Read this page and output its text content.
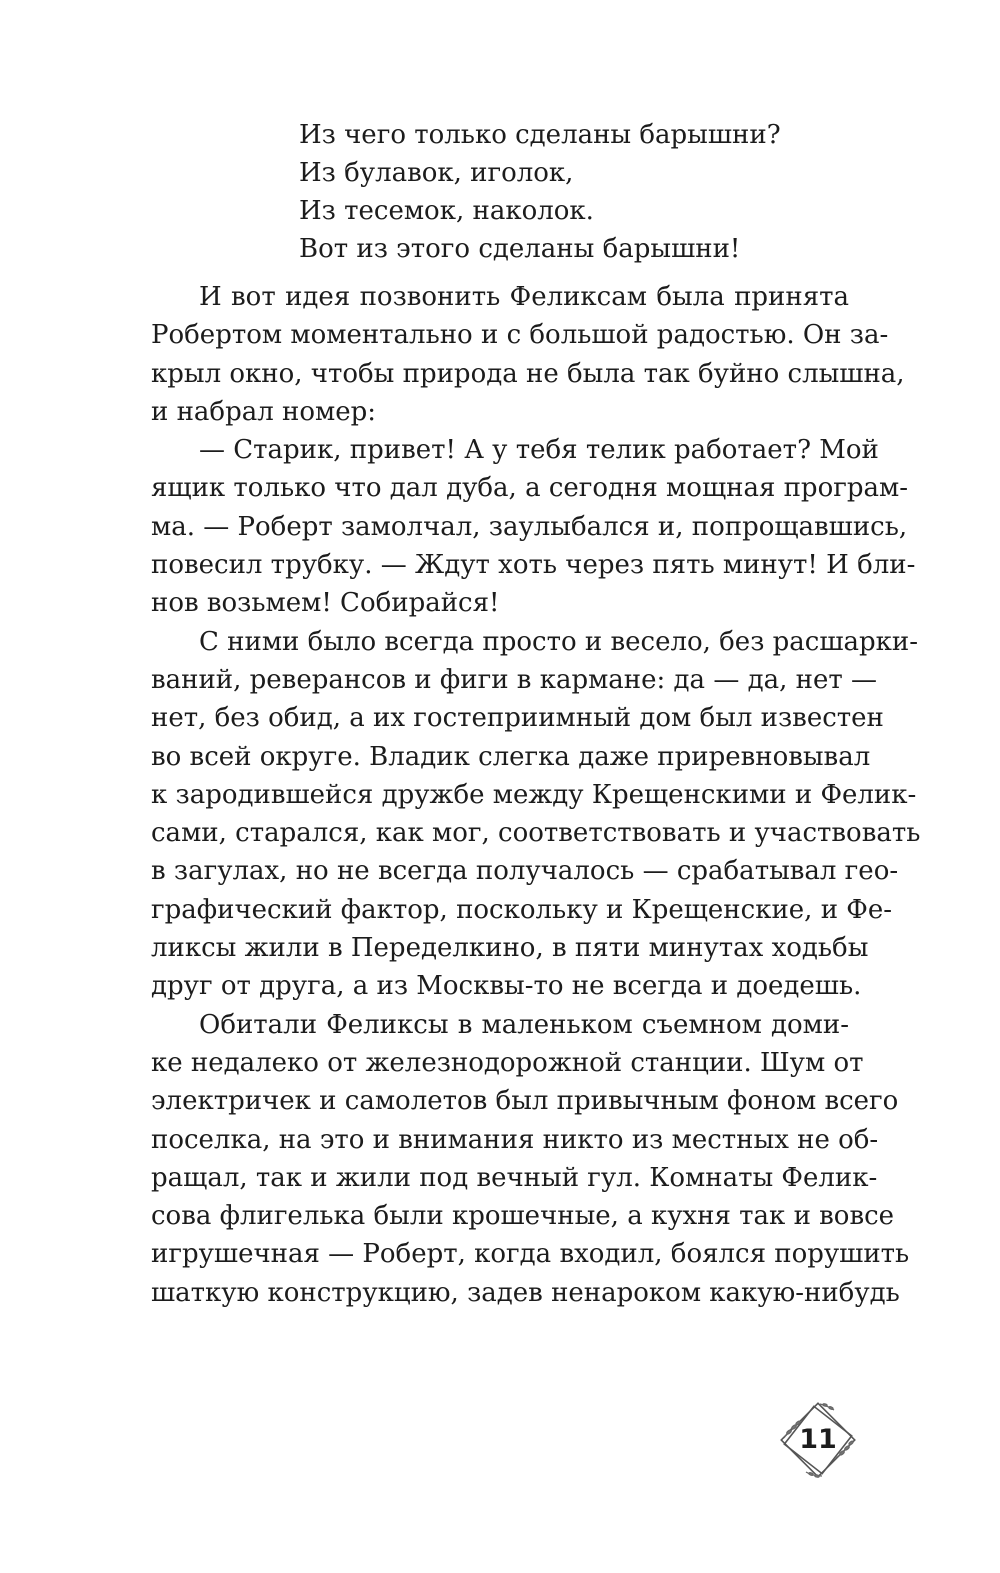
Из чего только сделаны барышни?
Из булавок, иголок,
Из тесемок, наколок.
Вот из этого сделаны барышни!
И вот идея позвонить Феликсам была принята
Робертом моментально и с большой радостью. Он за-
крыл окно, чтобы природа не была так буйно слышна,
и набрал номер:
— Старик, привет! А у тебя телик работает? Мой
ящик только что дал дуба, а сегодня мощная програм-
ма. — Роберт замолчал, заулыбался и, попрощавшись,
повесил трубку. — Ждут хоть через пять минут! И бли-
нов возьмем! Собирайся!
С ними было всегда просто и весело, без расшарки-
ваний, реверансов и фиги в кармане: да — да, нет —
нет, без обид, а их гостеприимный дом был известен
во всей округе. Владик слегка даже приревновывал
к зародившейся дружбе между Крещенскими и Фелик-
сами, старался, как мог, соответствовать и участвовать
в загулах, но не всегда получалось — срабатывал гео-
графический фактор, поскольку и Крещенские, и Фе-
ликсы жили в Переделкино, в пяти минутах ходьбы
друг от друга, а из Москвы-то не всегда и доедешь.
Обитали Феликсы в маленьком съемном доми-
ке недалеко от железнодорожной станции. Шум от
электричек и самолетов был привычным фоном всего
поселка, на это и внимания никто из местных не об-
ращал, так и жили под вечный гул. Комнаты Фелик-
сова флигелька были крошечные, а кухня так и вовсе
игрушечная — Роберт, когда входил, боялся порушить
шаткую конструкцию, задев ненароком какую-нибудь
11
